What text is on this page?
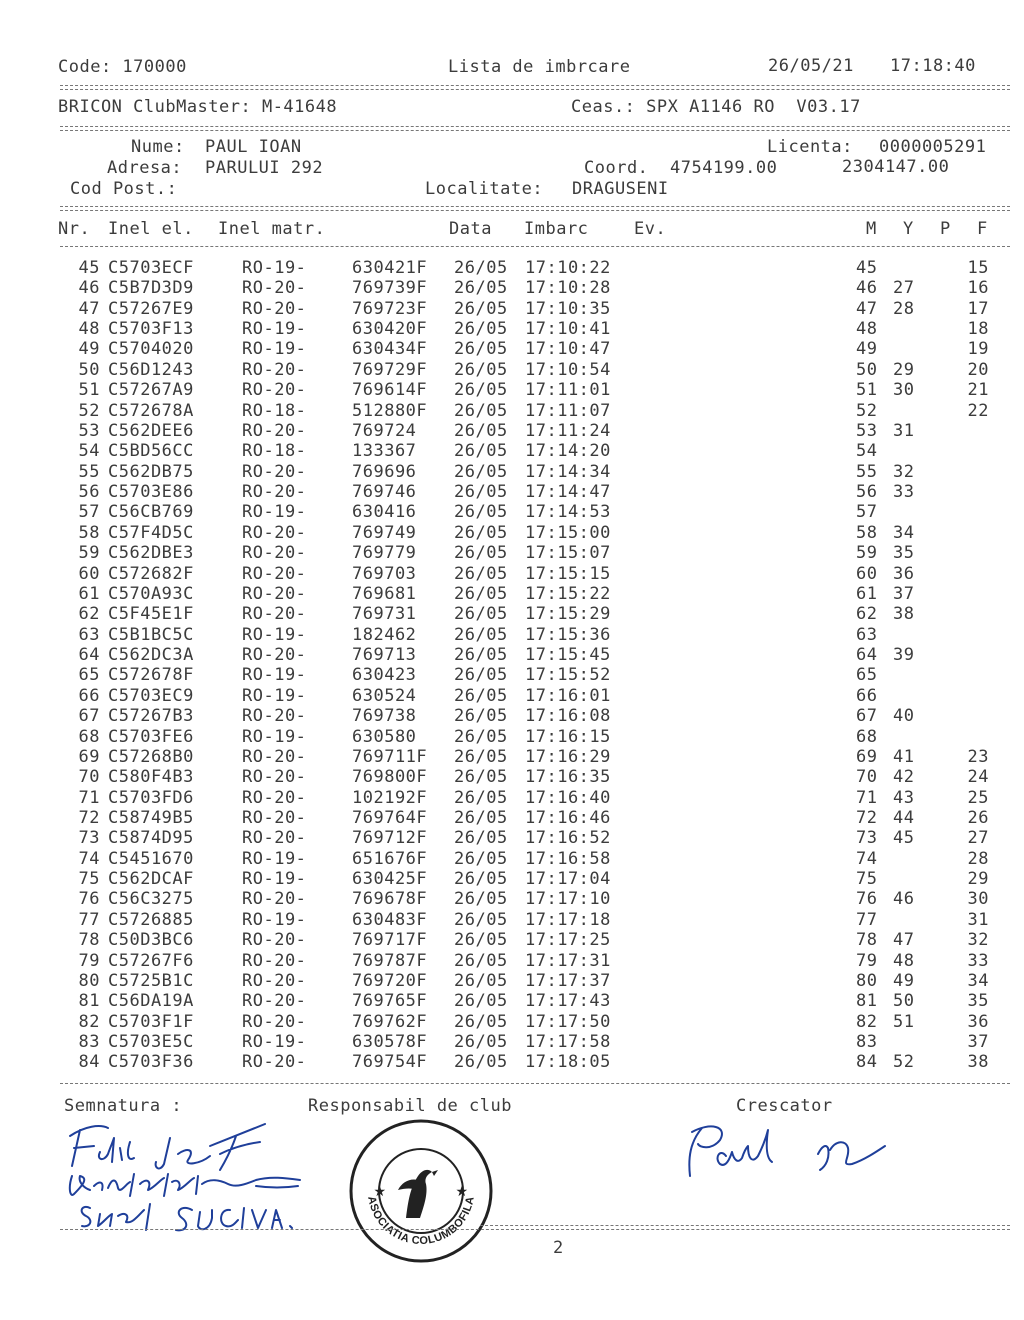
Code: 170000	Lista de imbrcare	26/05/21 17:18:40
BRICON ClubMaster: M-41648	Ceas.: SPX A1146 RO  V03.17
Nume: PAUL IOAN	Licenta: 0000005291
Adresa: PARULUI 292	Coord. 4754199.00	2304147.00
Cod Post.:	Localitate: DRAGUSENI
Nr. Inel el. Inel matr.	Data Imbarc	Ev.	M Y P F
45 C5703ECF	RO-19-	630421F 26/05 17:10:22	45	15
46 C5B7D3D9	RO-20-	769739F 26/05 17:10:28	46 27	16
47 C57267E9	RO-20-	769723F 26/05 17:10:35	47 28	17
48 C5703F13	RO-19-	630420F 26/05 17:10:41	48	18
49 C5704020	RO-19-	630434F 26/05 17:10:47	49	19
50 C56D1243	RO-20-	769729F 26/05 17:10:54	50 29	20
51 C57267A9	RO-20-	769614F 26/05 17:11:01	51 30	21
52 C572678A	RO-18-	512880F 26/05 17:11:07	52	22
53 C562DEE6	RO-20-	769724 26/05 17:11:24	53 31
54 C5BD56CC	RO-18-	133367 26/05 17:14:20	54
55 C562DB75	RO-20-	769696 26/05 17:14:34	55 32
56 C5703E86	RO-20-	769746 26/05 17:14:47	56 33
57 C56CB769	RO-19-	630416 26/05 17:14:53	57
58 C57F4D5C	RO-20-	769749 26/05 17:15:00	58 34
59 C562DBE3	RO-20-	769779 26/05 17:15:07	59 35
60 C572682F	RO-20-	769703 26/05 17:15:15	60 36
61 C570A93C	RO-20-	769681 26/05 17:15:22	61 37
62 C5F45E1F	RO-20-	769731 26/05 17:15:29	62 38
63 C5B1BC5C	RO-19-	182462 26/05 17:15:36	63
64 C562DC3A	RO-20-	769713 26/05 17:15:45	64 39
65 C572678F	RO-19-	630423 26/05 17:15:52	65
66 C5703EC9	RO-19-	630524 26/05 17:16:01	66
67 C57267B3	RO-20-	769738 26/05 17:16:08	67 40
68 C5703FE6	RO-19-	630580 26/05 17:16:15	68
69 C57268B0	RO-20-	769711F 26/05 17:16:29	69 41	23
70 C580F4B3	RO-20-	769800F 26/05 17:16:35	70 42	24
71 C5703FD6	RO-20-	102192F 26/05 17:16:40	71 43	25
72 C58749B5	RO-20-	769764F 26/05 17:16:46	72 44	26
73 C5874D95	RO-20-	769712F 26/05 17:16:52	73 45	27
74 C5451670	RO-19-	651676F 26/05 17:16:58	74	28
75 C562DCAF	RO-19-	630425F 26/05 17:17:04	75	29
76 C56C3275	RO-20-	769678F 26/05 17:17:10	76 46	30
77 C5726885	RO-19-	630483F 26/05 17:17:18	77	31
78 C50D3BC6	RO-20-	769717F 26/05 17:17:25	78 47	32
79 C57267F6	RO-20-	769787F 26/05 17:17:31	79 48	33
80 C5725B1C	RO-20-	769720F 26/05 17:17:37	80 49	34
81 C56DA19A	RO-20-	769765F 26/05 17:17:43	81 50	35
82 C5703F1F	RO-20-	769762F 26/05 17:17:50	82 51	36
83 C5703E5C	RO-19-	630578F 26/05 17:17:58	83	37
84 C5703F36	RO-20-	769754F 26/05 17:18:05	84 52	38
Semnatura :	Responsabil de club	Crescator
ASOCIATIA COLUMBOFILA
★	★
2
